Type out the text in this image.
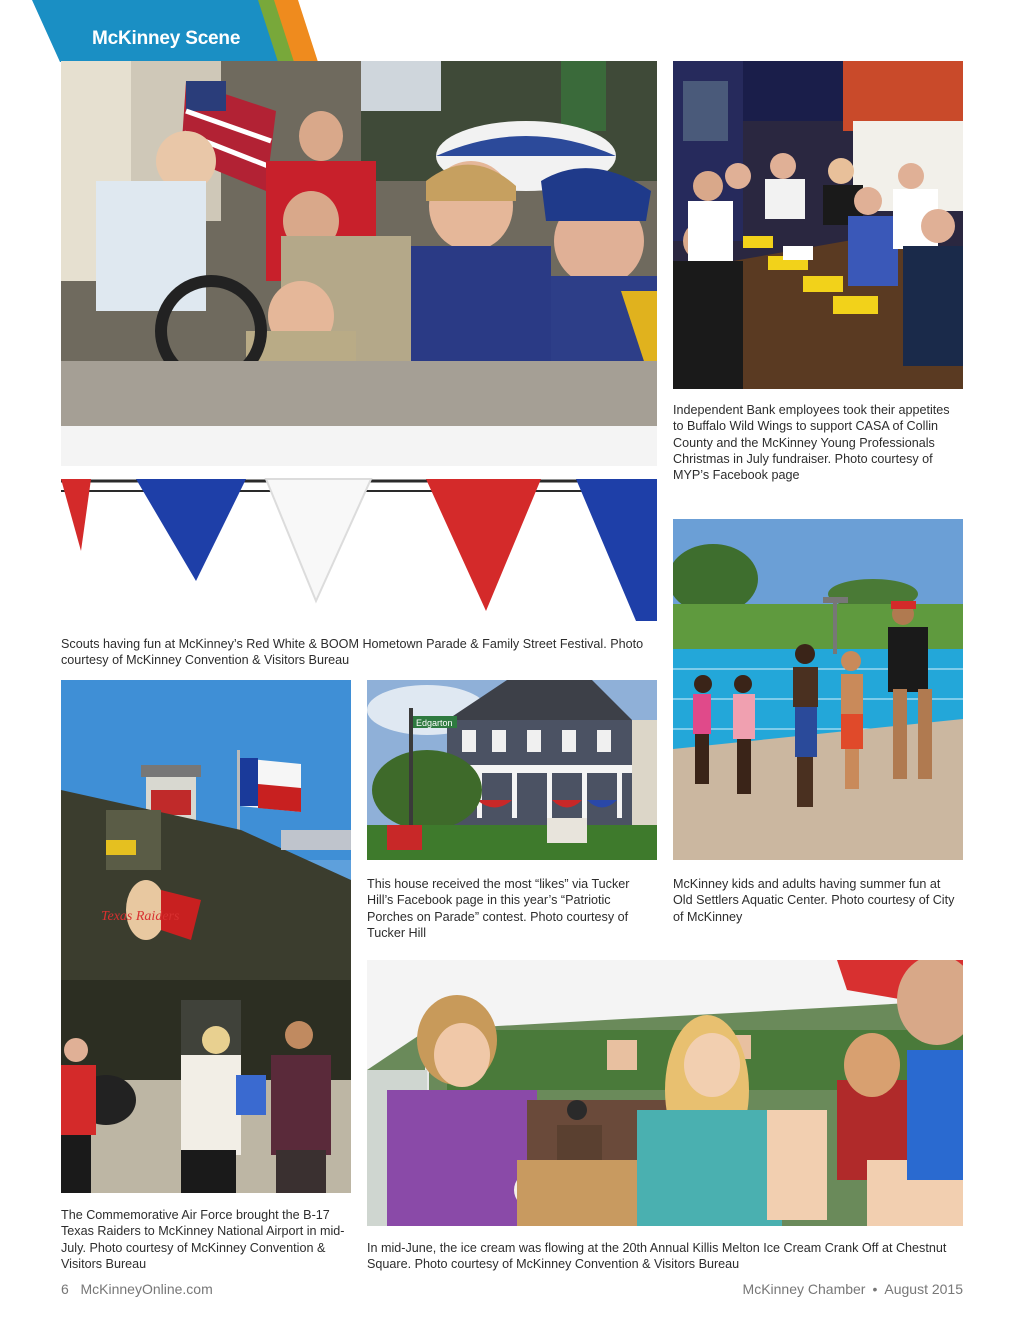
McKinney Scene
Edgarton
Texas Raiders
Scouts having fun at McKinney’s Red White & BOOM Hometown Parade & Family Street Festival. Photo courtesy of McKinney Convention & Visitors Bureau
Independent Bank employees took their appetites to Buffalo Wild Wings to support CASA of Collin County and the McKinney Young Professionals Christmas in July fundraiser. Photo courtesy of MYP’s Facebook page
McKinney kids and adults having summer fun at Old Settlers Aquatic Center. Photo courtesy of City of McKinney
This house received the most “likes” via Tucker Hill’s Facebook page in this year’s “Patriotic Porches on Parade” contest. Photo courtesy of Tucker Hill
The Commemorative Air Force brought the B-17 Texas Raiders to McKinney National Airport in mid-July. Photo courtesy of McKinney Convention & Visitors Bureau
In mid-June, the ice cream was flowing at the 20th Annual Killis Melton Ice Cream Crank Off at Chestnut Square. Photo courtesy of McKinney Convention & Visitors Bureau
6 McKinneyOnline.com	McKinney Chamber • August 2015
